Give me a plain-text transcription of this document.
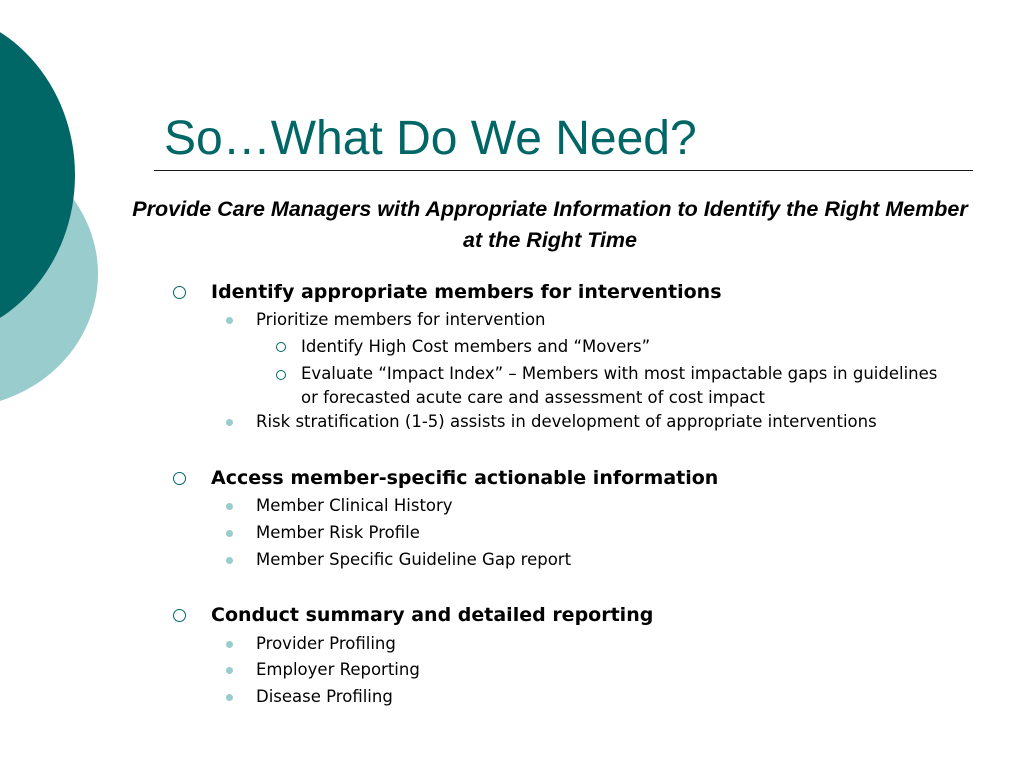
So…What Do We Need?

Provide Care Managers with Appropriate Information to Identify the Right Member at the Right Time

Identify appropriate members for interventions
Prioritize members for intervention
Identify High Cost members and “Movers”
Evaluate “Impact Index” – Members with most impactable gaps in guidelines or forecasted acute care and assessment of cost impact
Risk stratification (1-5) assists in development of appropriate interventions
Access member-specific actionable information
Member Clinical History
Member Risk Profile
Member Specific Guideline Gap report
Conduct summary and detailed reporting
Provider Profiling
Employer Reporting
Disease Profiling
